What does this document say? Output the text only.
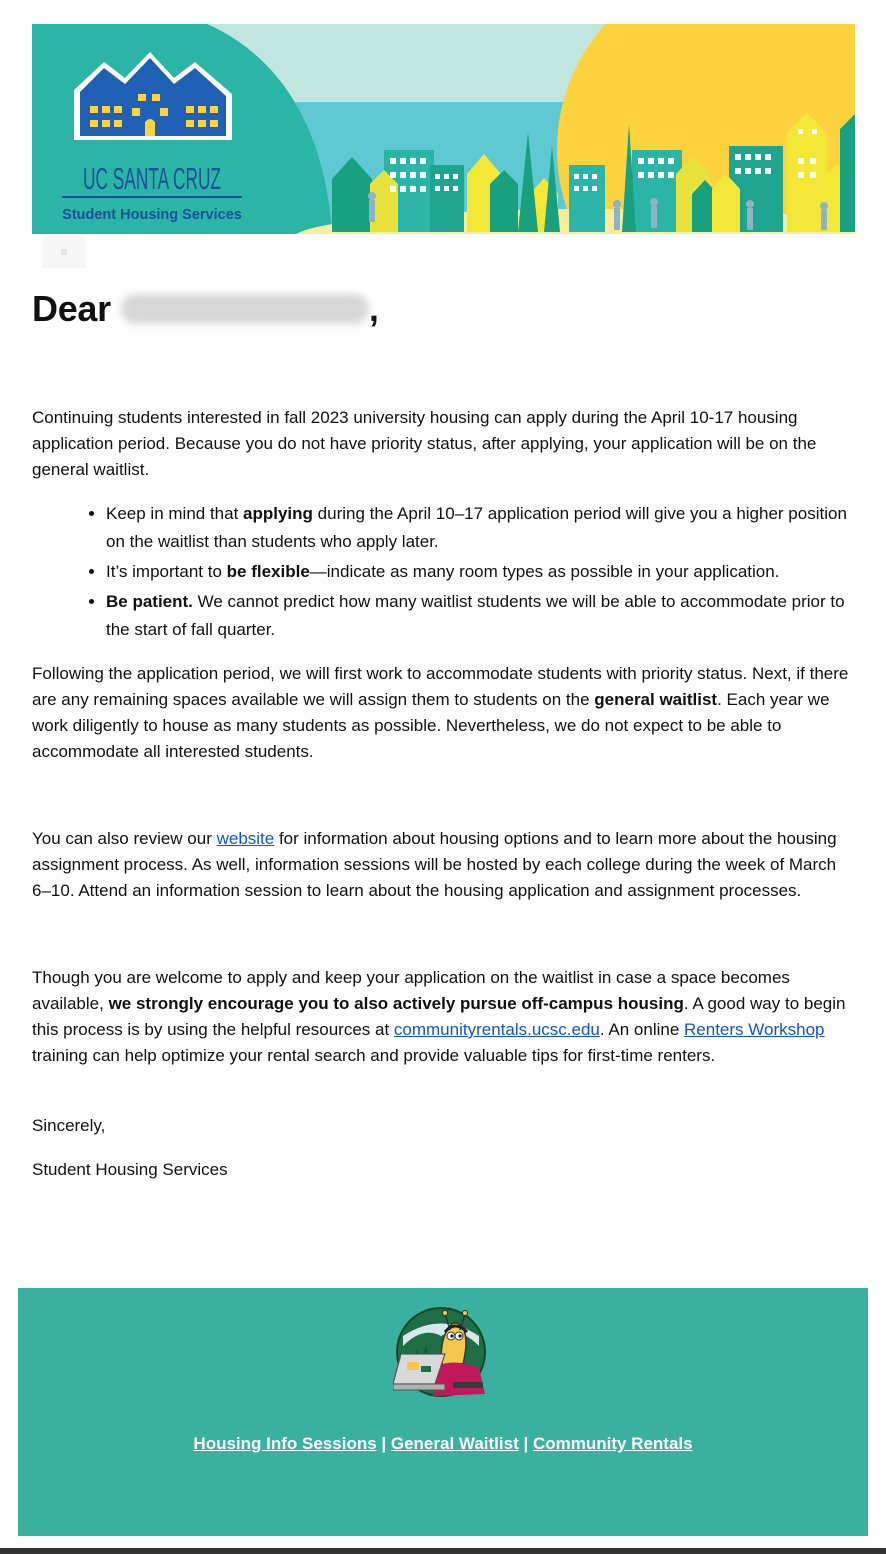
UC SANTA CRUZ
Student Housing Services
Dear	,

Continuing students interested in fall 2023 university housing can apply during the April 10-17 housing application period. Because you do not have priority status, after applying, your application will be on the general waitlist.

• Keep in mind that applying during the April 10–17 application period will give you a higher position on the waitlist than students who apply later.
• It’s important to be flexible—indicate as many room types as possible in your application.
• Be patient. We cannot predict how many waitlist students we will be able to accommodate prior to the start of fall quarter.

Following the application period, we will first work to accommodate students with priority status. Next, if there are any remaining spaces available we will assign them to students on the general waitlist. Each year we work diligently to house as many students as possible. Nevertheless, we do not expect to be able to accommodate all interested students.

You can also review our website for information about housing options and to learn more about the housing assignment process. As well, information sessions will be hosted by each college during the week of March 6–10. Attend an information session to learn about the housing application and assignment processes.

Though you are welcome to apply and keep your application on the waitlist in case a space becomes available, we strongly encourage you to also actively pursue off-campus housing. A good way to begin this process is by using the helpful resources at communityrentals.ucsc.edu. An online Renters Workshop training can help optimize your rental search and provide valuable tips for first-time renters.

Sincerely,

Student Housing Services

Housing Info Sessions | General Waitlist | Community Rentals
